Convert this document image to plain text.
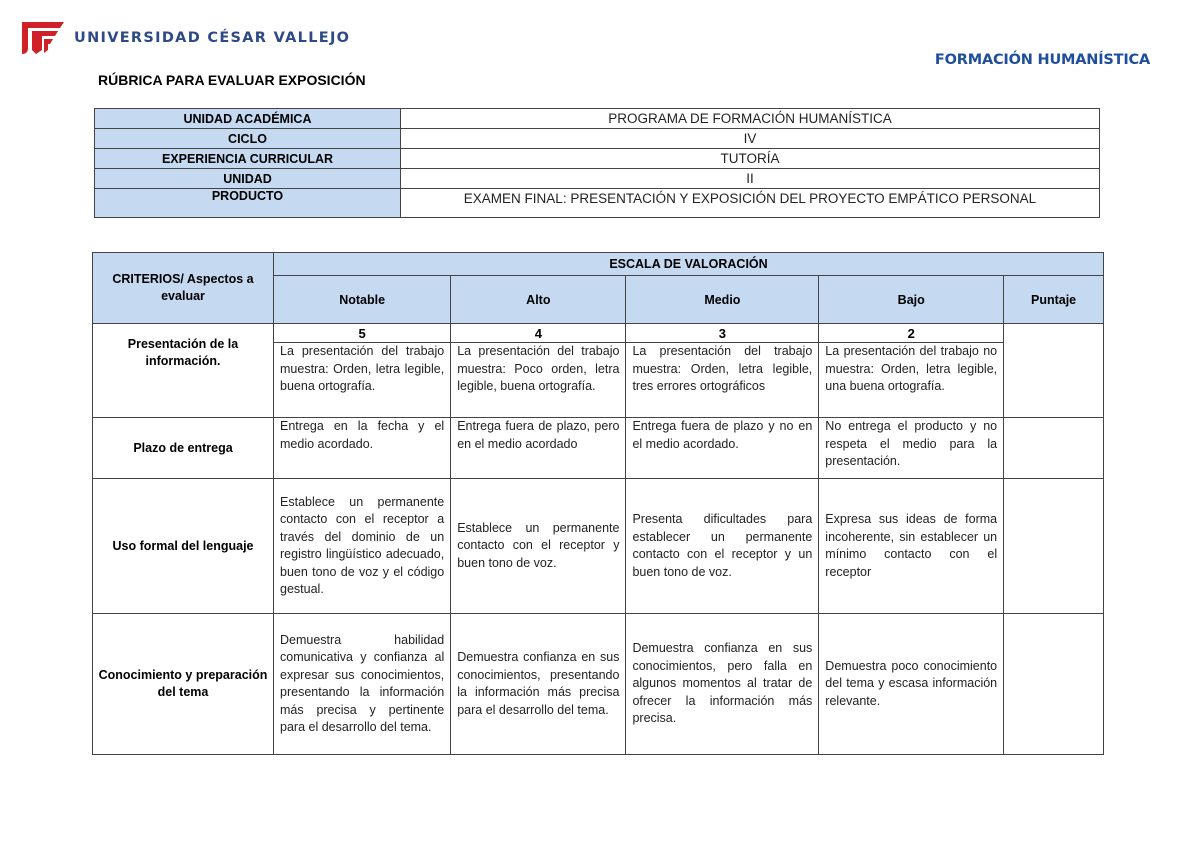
UNIVERSIDAD CÉSAR VALLEJO
FORMACIÓN HUMANÍSTICA
RÚBRICA PARA EVALUAR EXPOSICIÓN
UNIDAD ACADÉMICA	PROGRAMA DE FORMACIÓN HUMANÍSTICA
CICLO	IV
EXPERIENCIA CURRICULAR	TUTORÍA
UNIDAD	II
PRODUCTO	EXAMEN FINAL: PRESENTACIÓN Y EXPOSICIÓN DEL PROYECTO EMPÁTICO PERSONAL
CRITERIOS/ Aspectos a evaluar	ESCALA DE VALORACIÓN				
	Notable	Alto	Medio	Bajo	Puntaje
Presentación de la información.	5	4	3	2	
	La presentación del trabajo muestra: Orden, letra legible, buena ortografía.	La presentación del trabajo muestra: Poco orden, letra legible, buena ortografía.	La presentación del trabajo muestra: Orden, letra legible, tres errores ortográficos	La presentación del trabajo no muestra: Orden, letra legible, una buena ortografía.	
Plazo de entrega	Entrega en la fecha y el medio acordado.	Entrega fuera de plazo, pero en el medio acordado	Entrega fuera de plazo y no en el medio acordado.	No entrega el producto y no respeta el medio para la presentación.	
Uso formal del lenguaje	Establece un permanente contacto con el receptor a través del dominio de un registro lingüístico adecuado, buen tono de voz y el código gestual.	Establece un permanente contacto con el receptor y buen tono de voz.	Presenta dificultades para establecer un permanente contacto con el receptor y un buen tono de voz.	Expresa sus ideas de forma incoherente, sin establecer un mínimo contacto con el receptor	
Conocimiento y preparación del tema	Demuestra habilidad comunicativa y confianza al expresar sus conocimientos, presentando la información más precisa y pertinente para el desarrollo del tema.	Demuestra confianza en sus conocimientos, presentando la información más precisa para el desarrollo del tema.	Demuestra confianza en sus conocimientos, pero falla en algunos momentos al tratar de ofrecer la información más precisa.	Demuestra poco conocimiento del tema y escasa información relevante.	
